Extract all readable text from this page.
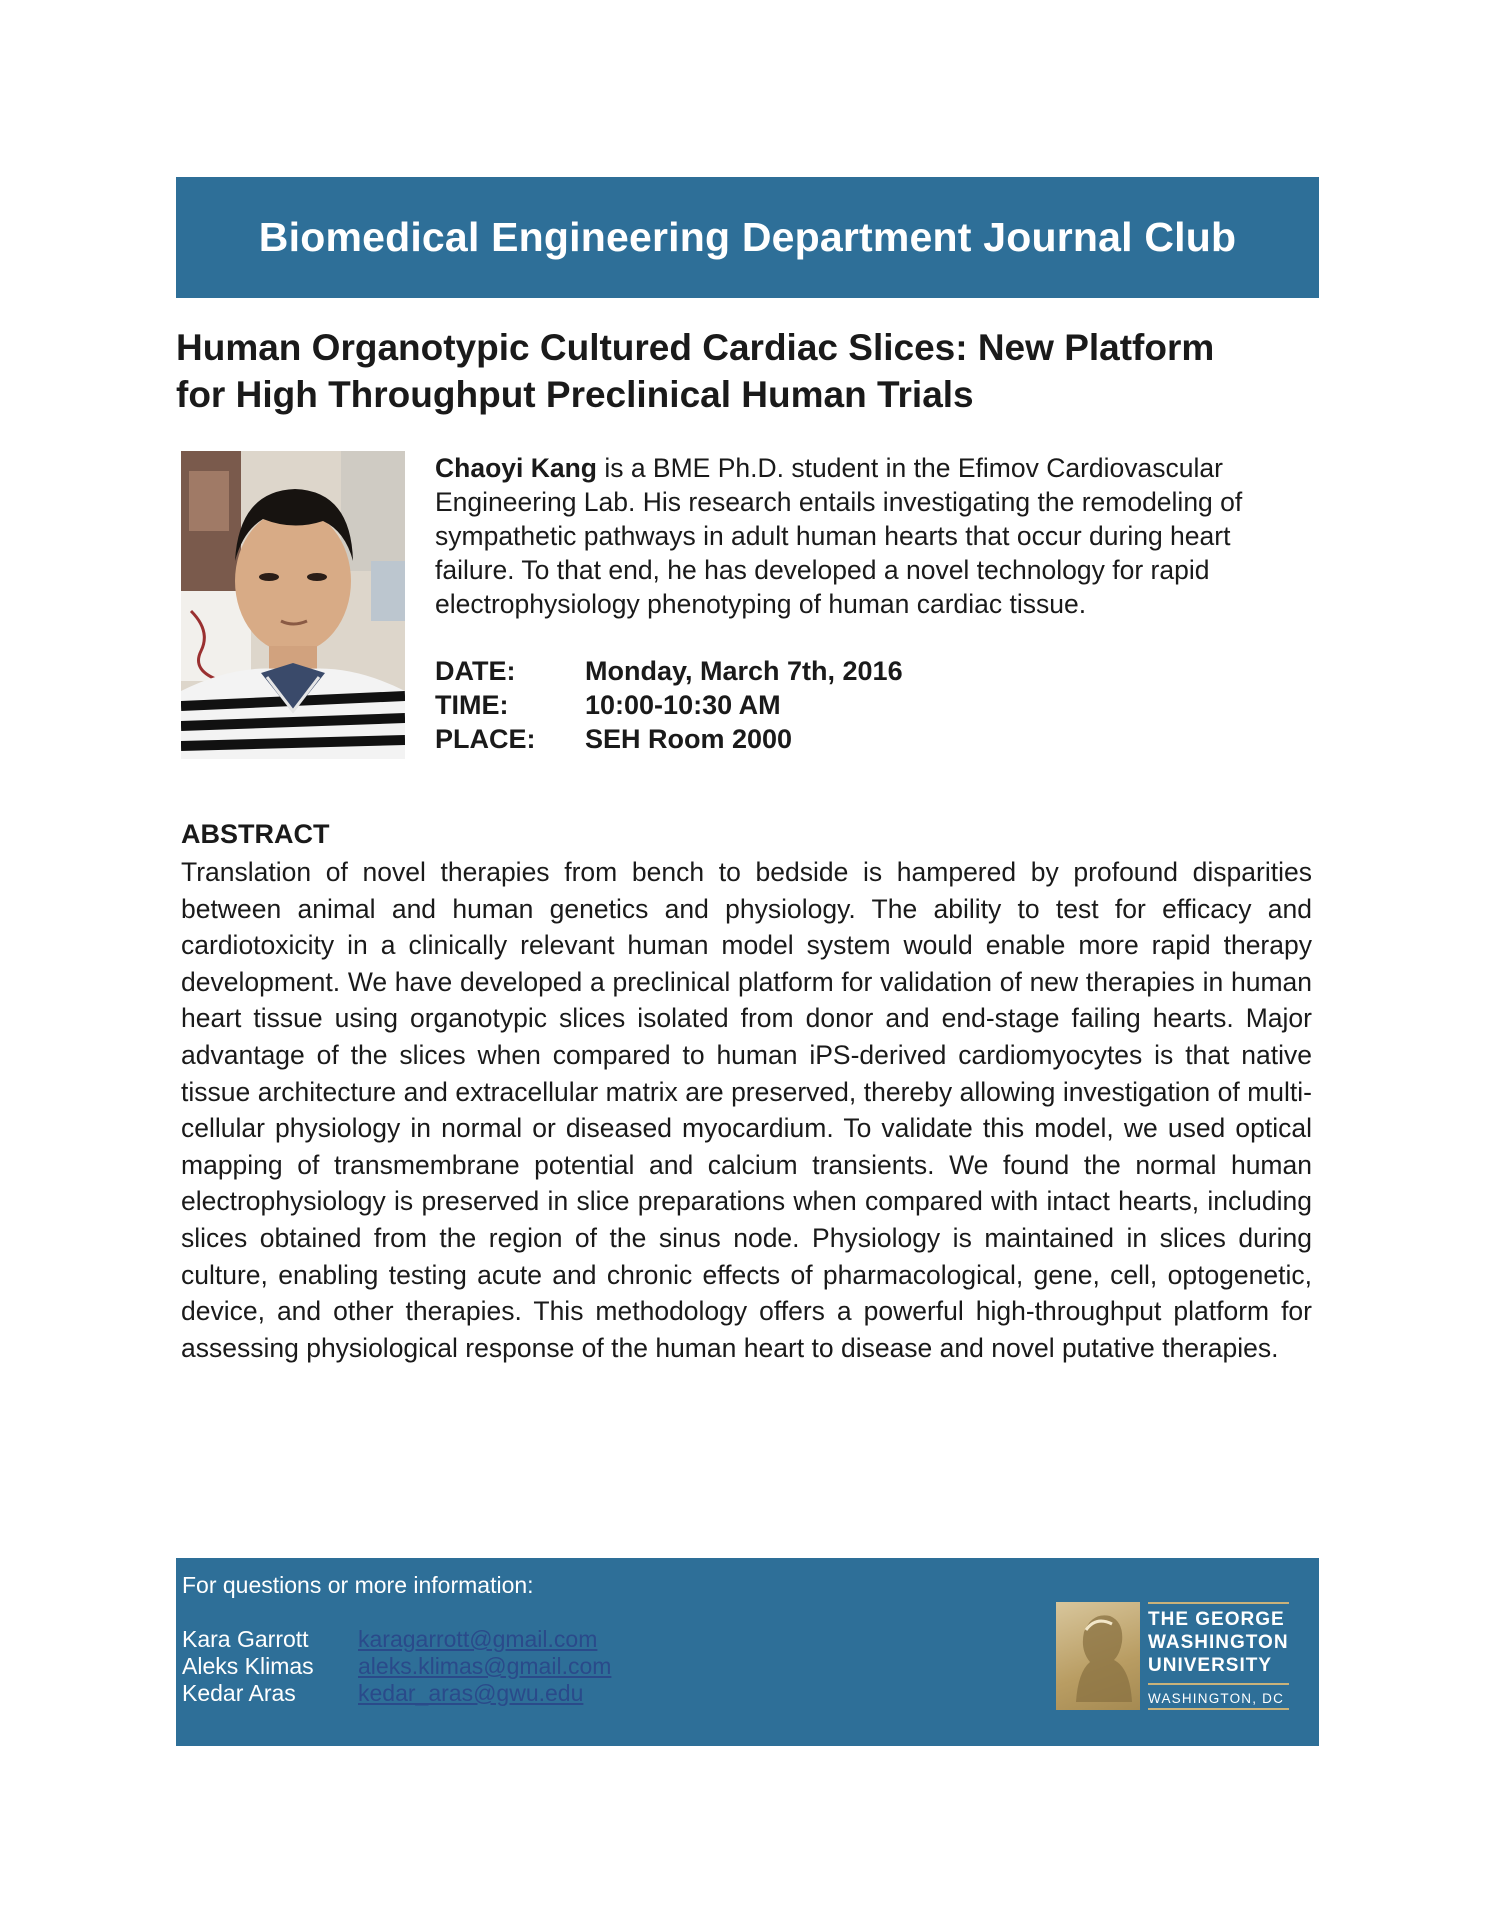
Biomedical Engineering Department Journal Club
Human Organotypic Cultured Cardiac Slices: New Platform
for High Throughput Preclinical Human Trials
Chaoyi Kang is a BME Ph.D. student in the Efimov Cardiovascular Engineering Lab. His research entails investigating the remodeling of sympathetic pathways in adult human hearts that occur during heart failure. To that end, he has developed a novel technology for rapid electrophysiology phenotyping of human cardiac tissue.
DATE:	Monday, March 7th, 2016
TIME:	10:00-10:30 AM
PLACE:	SEH Room 2000
ABSTRACT
Translation of novel therapies from bench to bedside is hampered by profound disparities between animal and human genetics and physiology. The ability to test for efficacy and cardiotoxicity in a clinically relevant human model system would enable more rapid therapy development. We have developed a preclinical platform for validation of new therapies in human heart tissue using organotypic slices isolated from donor and end-stage failing hearts. Major advantage of the slices when compared to human iPS-derived cardiomyocytes is that native tissue architecture and extracellular matrix are preserved, thereby allowing investigation of multi-cellular physiology in normal or diseased myocardium. To validate this model, we used optical mapping of transmembrane potential and calcium transients. We found the normal human electrophysiology is preserved in slice preparations when compared with intact hearts, including slices obtained from the region of the sinus node. Physiology is maintained in slices during culture, enabling testing acute and chronic effects of pharmacological, gene, cell, optogenetic, device, and other therapies. This methodology offers a powerful high-throughput platform for assessing physiological response of the human heart to disease and novel putative therapies.
For questions or more information:
Kara Garrott	karagarrott@gmail.com
Aleks Klimas	aleks.klimas@gmail.com
Kedar Aras	kedar_aras@gwu.edu
THE GEORGE
WASHINGTON
UNIVERSITY
WASHINGTON, DC
